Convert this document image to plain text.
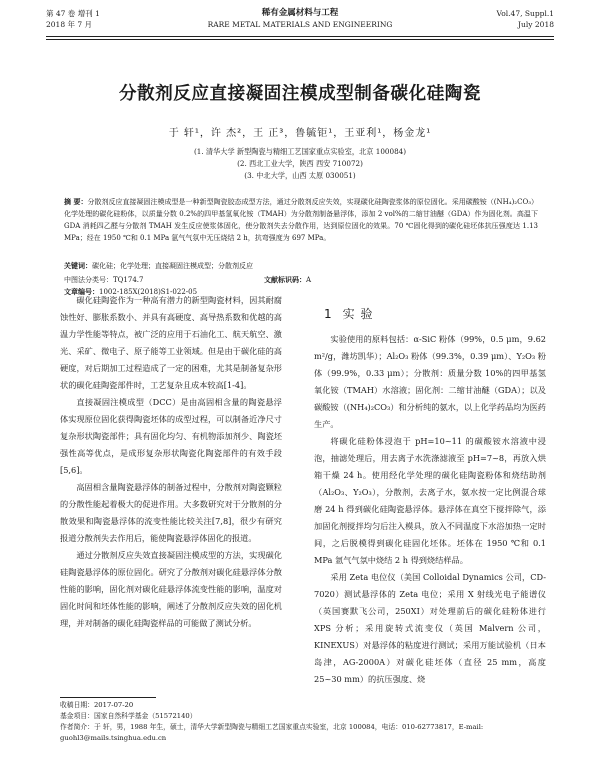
第 47 卷 增刊 1
2018 年 7 月
稀有金属材料与工程
RARE METAL MATERIALS AND ENGINEERING
Vol.47, Suppl.1
July 2018
分散剂反应直接凝固注模成型制备碳化硅陶瓷
于 轩¹，许 杰²，王 正³，鲁毓钜¹，王亚利¹，杨金龙¹
(1. 清华大学 新型陶瓷与精细工艺国家重点实验室，北京 100084)
(2. 西北工业大学，陕西 西安 710072)
(3. 中北大学，山西 太原 030051)
摘 要：分散剂反应直接凝固注模成型是一种新型陶瓷胶态成型方法，通过分散剂反应失效，实现碳化硅陶瓷浆体的原位固化。采用碳酸铵（(NH₄)₂CO₃）化学处理的碳化硅粉体，以质量分数 0.2%的四甲基氢氧化铵（TMAH）为分散剂制备悬浮体，添加 2 vol%的二缩甘油醚（GDA）作为固化剂。高温下 GDA 消耗四乙醛与分散剂 TMAH 发生反应使浆体固化，使分散剂失去分散作用，达到原位固化的效果。70 ℃固化得到的碳化硅坯体抗压强度达 1.13 MPa；经在 1950 ℃和 0.1 MPa 氩气气氛中无压烧结 2 h，抗弯强度为 697 MPa。
关键词：碳化硅；化学处理；直接凝固注模成型；分散剂反应
中图法分类号：TQ174.7	文献标识码：A文章编号：1002-185X(2018)S1-022-05

碳化硅陶瓷作为一种高有潜力的新型陶瓷材料，因其耐腐蚀性好、膨胀系数小、并具有高硬度、高导热系数和优越的高温力学性能等特点，被广泛的应用于石油化工、航天航空、激光、采矿、微电子、原子能等工业领域。但是由于碳化硅的高硬度，对后期加工过程造成了一定的困难，尤其是制备复杂形状的碳化硅陶瓷部件时，工艺复杂且成本较高[1-4]。

直接凝固注模成型（DCC）是由高固相含量的陶瓷悬浮体实现原位固化获得陶瓷坯体的成型过程，可以制备近净尺寸复杂形状陶瓷部件；具有固化均匀、有机物添加剂少、陶瓷坯强性高等优点，是成形复杂形状陶瓷化陶瓷部件的有效手段[5,6]。

高固相含量陶瓷悬浮体的制备过程中，分散剂对陶瓷颗粒的分散性能起着极大的促进作用。大多数研究对于分散剂的分散效果和陶瓷悬浮体的流变性能比较关注[7,8]，很少有研究报道分散剂失去作用后，能使陶瓷悬浮体固化的报道。

通过分散剂反应失效直接凝固注模成型的方法，实现碳化硅陶瓷悬浮体的原位固化。研究了分散剂对碳化硅悬浮体分散性能的影响，固化剂对碳化硅悬浮体流变性能的影响，温度对固化时间和坯体性能的影响，阐述了分散剂反应失效的固化机理，并对制备的碳化硅陶瓷样品的可能做了测试分析。

1 实 验

实验使用的原料包括：α-SiC 粉体（99%，0.5 μm，9.62 m²/g，潍坊凯华）；Al₂O₃ 粉体（99.3%，0.39 μm）、Y₂O₃ 粉体（99.9%，0.33 μm）；分散剂：质量分数 10%的四甲基氢氧化铵（TMAH）水溶液；固化剂：二缩甘油醚（GDA）；以及碳酸铵（(NH₄)₂CO₃）和分析纯的氨水，以上化学药品均为医药生产。

将碳化硅粉体浸泡于 pH=10~11 的碳酸铵水溶液中浸泡，抽滤处理后，用去离子水洗涤滤液至 pH=7~8，再放入烘箱干燥 24 h。使用经化学处理的碳化硅陶瓷粉体和烧结助剂（Al₂O₃、Y₂O₃），分散剂，去离子水，氨水按一定比例混合球磨 24 h 得到碳化硅陶瓷悬浮体。悬浮体在真空下搅拌除气，添加固化剂搅拌均匀后注入模具，放入不同温度下水浴加热一定时间，之后脱模得到碳化硅固化坯体。坯体在 1950 ℃和 0.1 MPa 氩气气氛中烧结 2 h 得到烧结样品。

采用 Zeta 电位仪（美国 Colloidal Dynamics 公司，CD-7020）测试悬浮体的 Zeta 电位；采用 X 射线光电子能谱仪（英国赛默飞公司，250XI）对处理前后的碳化硅粉体进行 XPS 分析；采用旋转式流变仪（英国 Malvern 公司，KINEXUS）对悬浮体的粘度进行测试；采用万能试验机（日本岛津，AG-2000A）对碳化硅坯体（直径 25 mm，高度 25~30 mm）的抗压强度、烧

收稿日期：2017-07-20
基金项目：国家自然科学基金（51572140）
作者简介：于 轩，男，1988 年生，硕士，清华大学新型陶瓷与精细工艺国家重点实验室，北京 100084，电话：010-62773817，E-mail: guohl3@mails.tsinghua.edu.cn
